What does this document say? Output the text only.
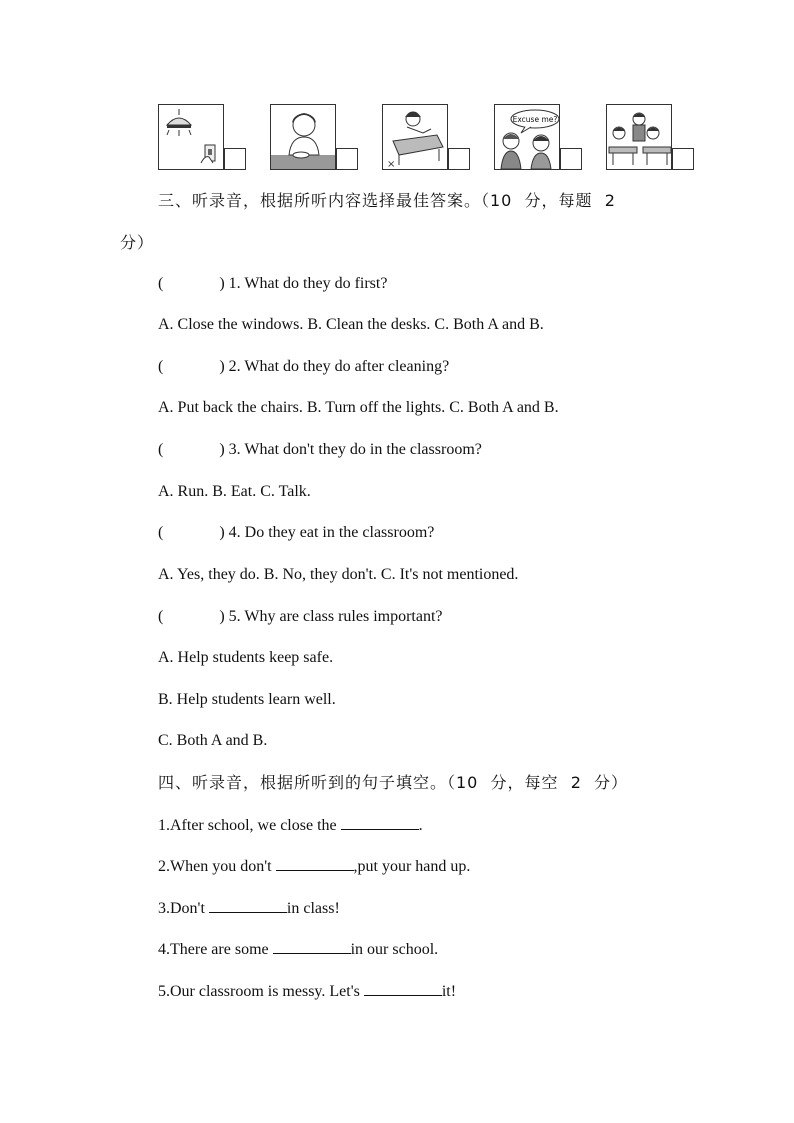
×
Excuse me?
三、听录音，根据所听内容选择最佳答案。（10  分，每题  2
分）
(	) 1. What do they do first?
A. Close the windows. B. Clean the desks. C. Both A and B.
(	) 2. What do they do after cleaning?
A. Put back the chairs. B. Turn off the lights. C. Both A and B.
(	) 3. What don't they do in the classroom?
A. Run. B. Eat. C. Talk.
(	) 4. Do they eat in the classroom?
A. Yes, they do. B. No, they don't. C. It's not mentioned.
(	) 5. Why are class rules important?
A. Help students keep safe.
B. Help students learn well.
C. Both A and B.
四、听录音，根据所听到的句子填空。（10  分，每空  2  分）
1.After school, we close the	.
2.When you don't	,put your hand up.
3.Don't	in class!
4.There are some	in our school.
5.Our classroom is messy. Let's	it!
